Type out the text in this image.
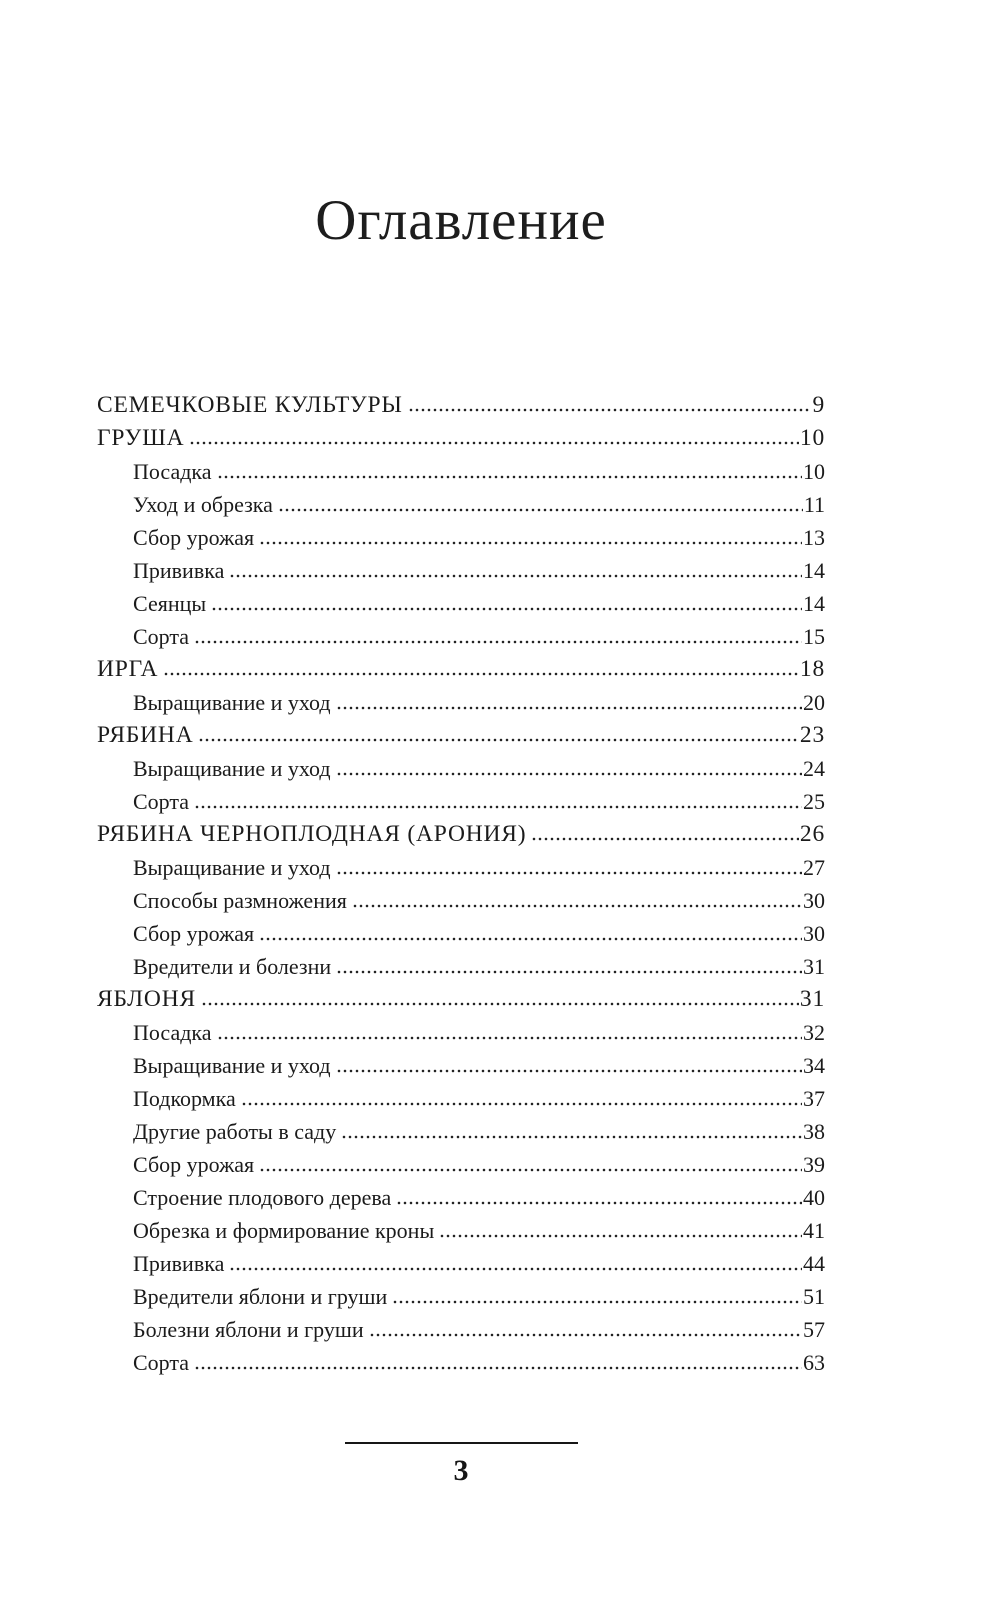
Оглавление
СЕМЕЧКОВЫЕ КУЛЬТУРЫ	9
ГРУША	10
Посадка	10
Уход и обрезка	11
Сбор урожая	13
Прививка	14
Сеянцы	14
Сорта	15
ИРГА	18
Выращивание и уход	20
РЯБИНА	23
Выращивание и уход	24
Сорта	25
РЯБИНА ЧЕРНОПЛОДНАЯ (АРОНИЯ)	26
Выращивание и уход	27
Способы размножения	30
Сбор урожая	30
Вредители и болезни	31
ЯБЛОНЯ	31
Посадка	32
Выращивание и уход	34
Подкормка	37
Другие работы в саду	38
Сбор урожая	39
Строение плодового дерева	40
Обрезка и формирование кроны	41
Прививка	44
Вредители яблони и груши	51
Болезни яблони и груши	57
Сорта	63
3
